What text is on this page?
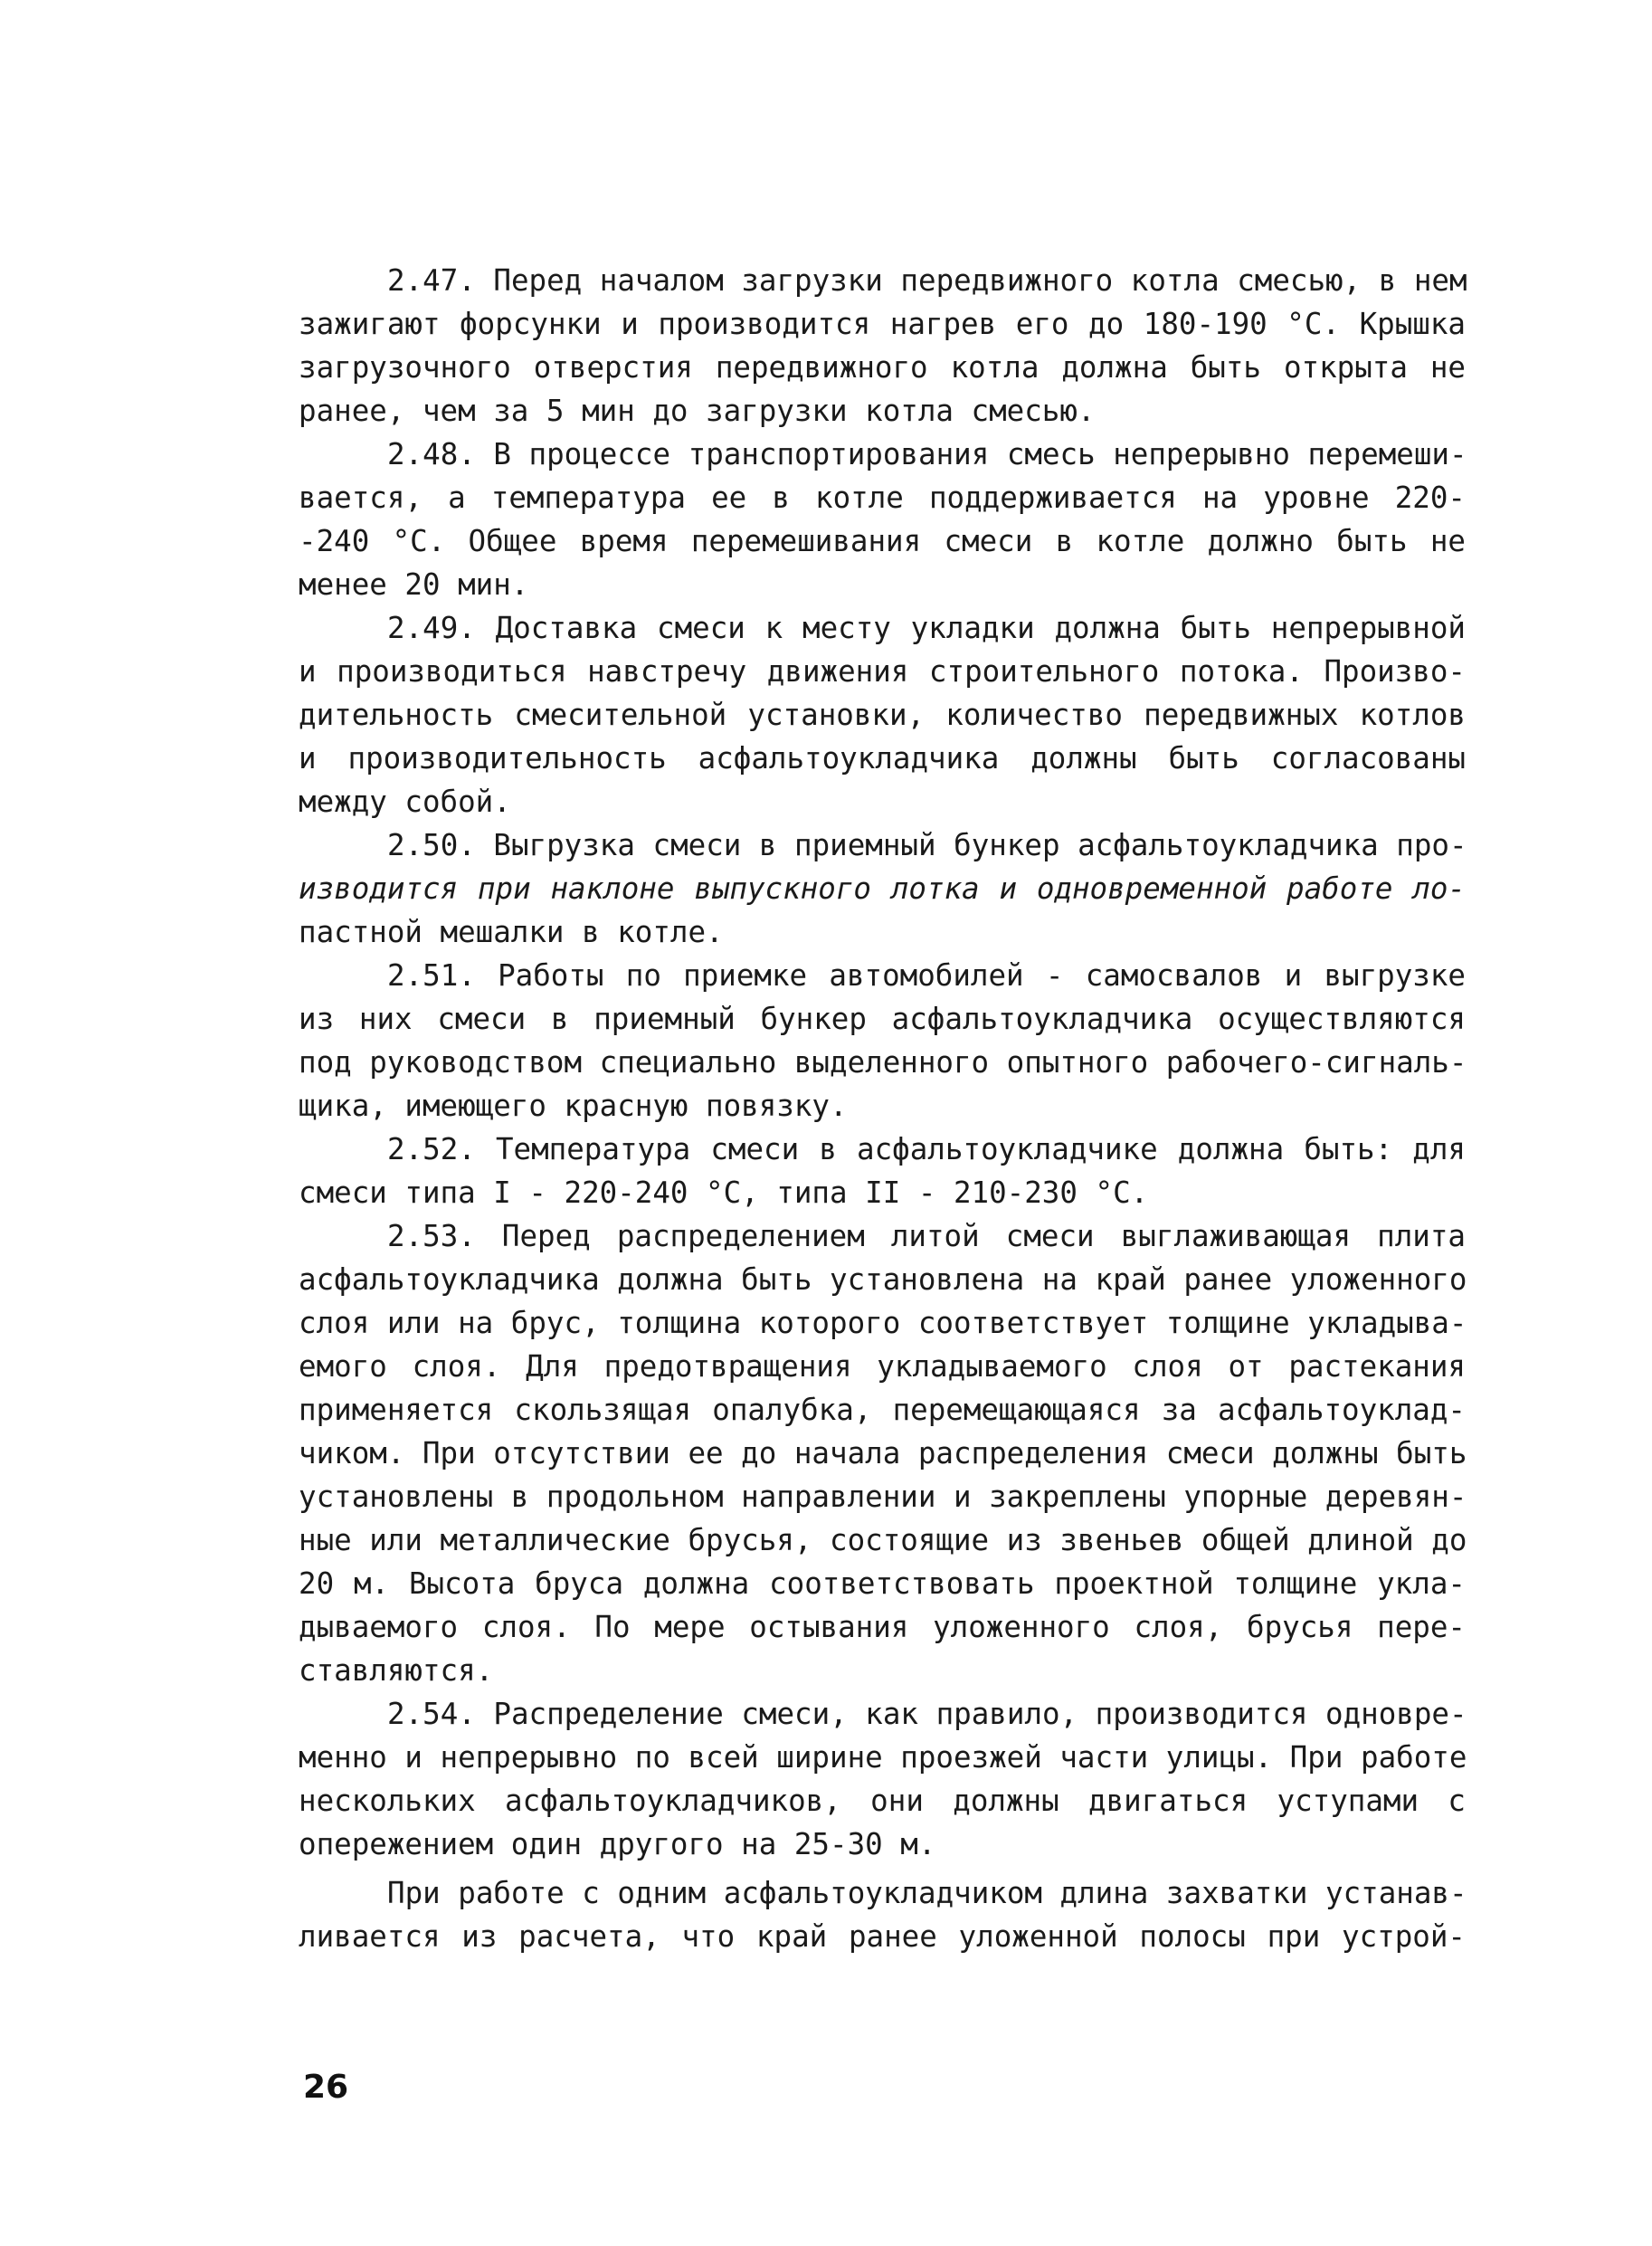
2.47. Перед началом загрузки передвижного котла смесью, в нем
зажигают форсунки и производится нагрев его до 180-190 °С. Крышка
загрузочного отверстия передвижного котла должна быть открыта не
ранее, чем за 5 мин до загрузки котла смесью.
2.48. В процессе транспортирования смесь непрерывно перемеши-
вается, а температура ее в котле поддерживается на уровне 220-
-240 °С. Общее время перемешивания смеси в котле должно быть не
менее 20 мин.
2.49. Доставка смеси к месту укладки должна быть непрерывной
и производиться навстречу движения строительного потока. Произво-
дительность смесительной установки, количество передвижных котлов
и производительность асфальтоукладчика должны быть согласованы
между собой.
2.50. Выгрузка смеси в приемный бункер асфальтоукладчика про-
изводится при наклоне выпускного лотка и одновременной работе ло-
пастной мешалки в котле.
2.51. Работы по приемке автомобилей - самосвалов и выгрузке
из них смеси в приемный бункер асфальтоукладчика осуществляются
под руководством специально выделенного опытного рабочего-сигналь-
щика, имеющего красную повязку.
2.52. Температура смеси в асфальтоукладчике должна быть: для
смеси типа I - 220-240 °С, типа II - 210-230 °С.
2.53. Перед распределением литой смеси выглаживающая плита
асфальтоукладчика должна быть установлена на край ранее уложенного
слоя или на брус, толщина которого соответствует толщине укладыва-
емого слоя. Для предотвращения укладываемого слоя от растекания
применяется скользящая опалубка, перемещающаяся за асфальтоуклад-
чиком. При отсутствии ее до начала распределения смеси должны быть
установлены в продольном направлении и закреплены упорные деревян-
ные или металлические брусья, состоящие из звеньев общей длиной до
20 м. Высота бруса должна соответствовать проектной толщине укла-
дываемого слоя. По мере остывания уложенного слоя, брусья пере-
ставляются.
2.54. Распределение смеси, как правило, производится одновре-
менно и непрерывно по всей ширине проезжей части улицы. При работе
нескольких асфальтоукладчиков, они должны двигаться уступами с
опережением один другого на 25-30 м.
При работе с одним асфальтоукладчиком длина захватки устанав-
ливается из расчета, что край ранее уложенной полосы при устрой-
26
